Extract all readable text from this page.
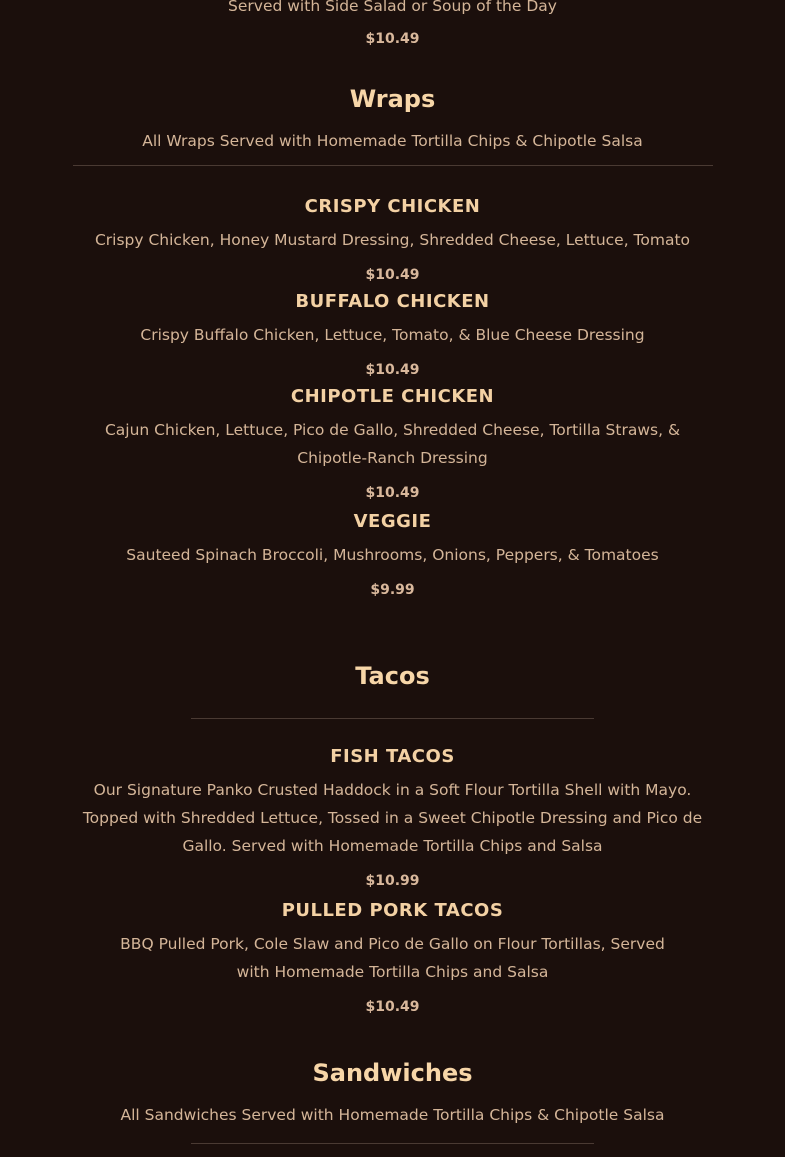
Served with Side Salad or Soup of the Day
$10.49
Wraps
All Wraps Served with Homemade Tortilla Chips & Chipotle Salsa
CRISPY CHICKEN
Crispy Chicken, Honey Mustard Dressing, Shredded Cheese, Lettuce, Tomato
$10.49
BUFFALO CHICKEN
Crispy Buffalo Chicken, Lettuce, Tomato, & Blue Cheese Dressing
$10.49
CHIPOTLE CHICKEN
Cajun Chicken, Lettuce, Pico de Gallo, Shredded Cheese, Tortilla Straws, & Chipotle-Ranch Dressing
$10.49
VEGGIE
Sauteed Spinach Broccoli, Mushrooms, Onions, Peppers, & Tomatoes
$9.99
Tacos
FISH TACOS
Our Signature Panko Crusted Haddock in a Soft Flour Tortilla Shell with Mayo. Topped with Shredded Lettuce, Tossed in a Sweet Chipotle Dressing and Pico de Gallo. Served with Homemade Tortilla Chips and Salsa
$10.99
PULLED PORK TACOS
BBQ Pulled Pork, Cole Slaw and Pico de Gallo on Flour Tortillas, Served with Homemade Tortilla Chips and Salsa
$10.49
Sandwiches
All Sandwiches Served with Homemade Tortilla Chips & Chipotle Salsa
